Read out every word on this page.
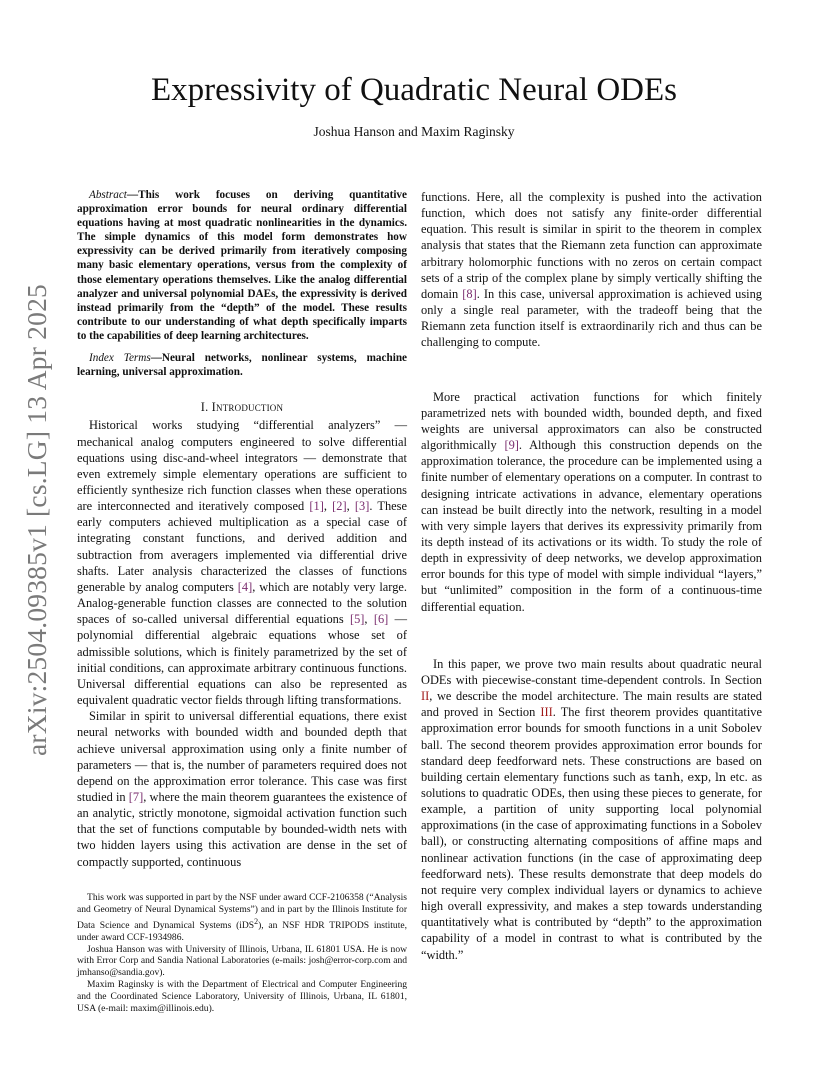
arXiv:2504.09385v1 [cs.LG] 13 Apr 2025
Expressivity of Quadratic Neural ODEs
Joshua Hanson and Maxim Raginsky

Abstract—This work focuses on deriving quantitative approximation error bounds for neural ordinary differential equations having at most quadratic nonlinearities in the dynamics. The simple dynamics of this model form demonstrates how expressivity can be derived primarily from iteratively composing many basic elementary operations, versus from the complexity of those elementary operations themselves. Like the analog differential analyzer and universal polynomial DAEs, the expressivity is derived instead primarily from the “depth” of the model. These results contribute to our understanding of what depth specifically imparts to the capabilities of deep learning architectures.

Index Terms—Neural networks, nonlinear systems, machine learning, universal approximation.

I. Introduction

Historical works studying “differential analyzers” — mechanical analog computers engineered to solve differential equations using disc-and-wheel integrators — demonstrate that even extremely simple elementary operations are sufficient to efficiently synthesize rich function classes when these operations are interconnected and iteratively composed [1], [2], [3]. These early computers achieved multiplication as a special case of integrating constant functions, and derived addition and subtraction from averagers implemented via differential drive shafts. Later analysis characterized the classes of functions generable by analog computers [4], which are notably very large. Analog-generable function classes are connected to the solution spaces of so-called universal differential equations [5], [6] — polynomial differential algebraic equations whose set of admissible solutions, which is finitely parametrized by the set of initial conditions, can approximate arbitrary continuous functions. Universal differential equations can also be represented as equivalent quadratic vector fields through lifting transformations.

Similar in spirit to universal differential equations, there exist neural networks with bounded width and bounded depth that achieve universal approximation using only a finite number of parameters — that is, the number of parameters required does not depend on the approximation error tolerance. This case was first studied in [7], where the main theorem guarantees the existence of an analytic, strictly monotone, sigmoidal activation function such that the set of functions computable by bounded-width nets with two hidden layers using this activation are dense in the set of compactly supported, continuous

This work was supported in part by the NSF under award CCF-2106358 (“Analysis and Geometry of Neural Dynamical Systems”) and in part by the Illinois Institute for Data Science and Dynamical Systems (iDS$^2$), an NSF HDR TRIPODS institute, under award CCF-1934986.

Joshua Hanson was with University of Illinois, Urbana, IL 61801 USA. He is now with Error Corp and Sandia National Laboratories (e-mails: josh@error-corp.com and jmhanso@sandia.gov).

Maxim Raginsky is with the Department of Electrical and Computer Engineering and the Coordinated Science Laboratory, University of Illinois, Urbana, IL 61801, USA (e-mail: maxim@illinois.edu).

functions. Here, all the complexity is pushed into the activation function, which does not satisfy any finite-order differential equation. This result is similar in spirit to the theorem in complex analysis that states that the Riemann zeta function can approximate arbitrary holomorphic functions with no zeros on certain compact sets of a strip of the complex plane by simply vertically shifting the domain [8]. In this case, universal approximation is achieved using only a single real parameter, with the tradeoff being that the Riemann zeta function itself is extraordinarily rich and thus can be challenging to compute.

More practical activation functions for which finitely parametrized nets with bounded width, bounded depth, and fixed weights are universal approximators can also be constructed algorithmically [9]. Although this construction depends on the approximation tolerance, the procedure can be implemented using a finite number of elementary operations on a computer. In contrast to designing intricate activations in advance, elementary operations can instead be built directly into the network, resulting in a model with very simple layers that derives its expressivity primarily from its depth instead of its activations or its width. To study the role of depth in expressivity of deep networks, we develop approximation error bounds for this type of model with simple individual “layers,” but “unlimited” composition in the form of a continuous-time differential equation.

In this paper, we prove two main results about quadratic neural ODEs with piecewise-constant time-dependent controls. In Section II, we describe the model architecture. The main results are stated and proved in Section III. The first theorem provides quantitative approximation error bounds for smooth functions in a unit Sobolev ball. The second theorem provides approximation error bounds for standard deep feedforward nets. These constructions are based on building certain elementary functions such as tanh, exp, ln etc. as solutions to quadratic ODEs, then using these pieces to generate, for example, a partition of unity supporting local polynomial approximations (in the case of approximating functions in a Sobolev ball), or constructing alternating compositions of affine maps and nonlinear activation functions (in the case of approximating deep feedforward nets). These results demonstrate that deep models do not require very complex individual layers or dynamics to achieve high overall expressivity, and makes a step towards understanding quantitatively what is contributed by “depth” to the approximation capability of a model in contrast to what is contributed by the “width.”
